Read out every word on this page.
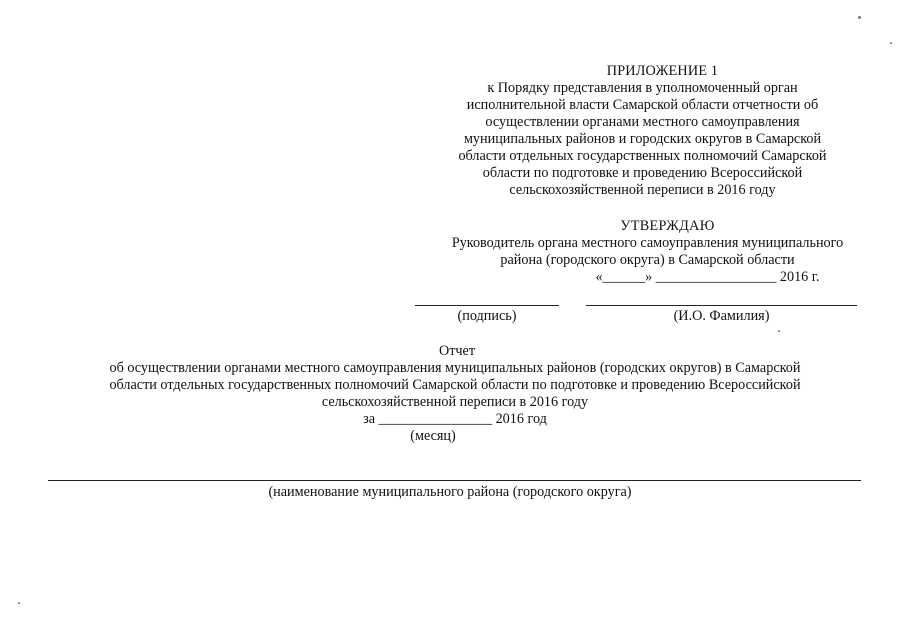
ПРИЛОЖЕНИЕ 1
к Порядку представления в уполномоченный орган
исполнительной власти Самарской области отчетности об
осуществлении органами местного самоуправления
муниципальных районов и городских округов в Самарской
области отдельных государственных полномочий Самарской
области по подготовке и проведению Всероссийской
сельскохозяйственной переписи в 2016 году
УТВЕРЖДАЮ
Руководитель органа местного самоуправления муниципального
района (городского округа) в Самарской области
«______» _________________ 2016 г.
(подпись)	(И.О. Фамилия)
Отчет
об осуществлении органами местного самоуправления муниципальных районов (городских округов) в Самарской
области отдельных государственных полномочий Самарской области по подготовке и проведению Всероссийской
сельскохозяйственной переписи в 2016 году
за ________________ 2016 год
(месяц)
(наименование муниципального района (городского округа)
